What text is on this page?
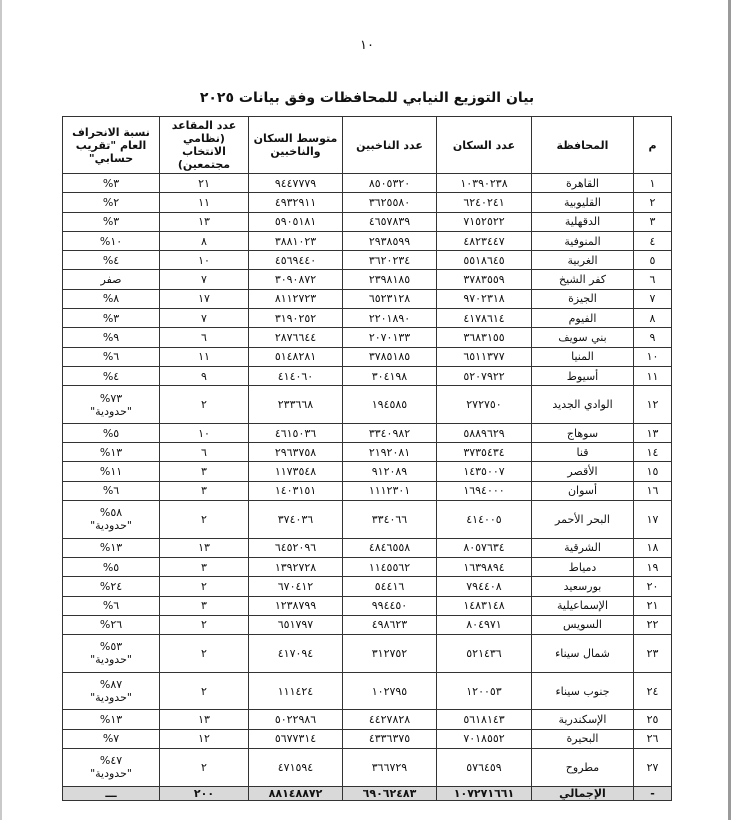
١٠
بيان التوزيع النيابي للمحافظات وفق بيانات ٢٠٢٥
م	المحافظة	عدد السكان	عدد الناخبين	متوسط السكان والناخبين	عدد المقاعد (نظامي الانتخاب مجتمعين)	نسبة الانحراف العام "تقريب حسابي"
١	القاهرة	١٠٣٩٠٢٣٨	٨٥٠٥٣٢٠	٩٤٤٧٧٧٩	٢١	٣%
٢	القليوبية	٦٢٤٠٢٤١	٣٦٢٥٥٨٠	٤٩٣٢٩١١	١١	٢%
٣	الدقهلية	٧١٥٢٥٢٢	٤٦٥٧٨٣٩	٥٩٠٥١٨١	١٣	٣%
٤	المنوفية	٤٨٢٣٤٤٧	٢٩٣٨٥٩٩	٣٨٨١٠٢٣	٨	١٠%
٥	الغربية	٥٥١٨٦٤٥	٣٦٢٠٢٣٤	٤٥٦٩٤٤٠	١٠	٤%
٦	كفر الشيخ	٣٧٨٣٥٥٩	٢٣٩٨١٨٥	٣٠٩٠٨٧٢	٧	صفر
٧	الجيزة	٩٧٠٢٣١٨	٦٥٢٣١٢٨	٨١١٢٧٢٣	١٧	٨%
٨	الفيوم	٤١٧٨٦١٤	٢٢٠١٨٩٠	٣١٩٠٢٥٢	٧	٣%
٩	بني سويف	٣٦٨٣١٥٥	٢٠٧٠١٣٣	٢٨٧٦٦٤٤	٦	٩%
١٠	المنيا	٦٥١١٣٧٧	٣٧٨٥١٨٥	٥١٤٨٢٨١	١١	٦%
١١	أسيوط	٥٢٠٧٩٢٢	٣٠٤١٩٨	٤١٤٠٦٠	٩	٤%
١٢	الوادي الجديد	٢٧٢٧٥٠	١٩٤٥٨٥	٢٣٣٦٦٨	٢	٧٣%
"حدودية"

١٣	سوهاج	٥٨٨٩٦٢٩	٣٣٤٠٩٨٢	٤٦١٥٠٣٦	١٠	٥%
١٤	قنا	٣٧٣٥٤٣٤	٢١٩٢٠٨١	٢٩٦٣٧٥٨	٦	١٣%
١٥	الأقصر	١٤٣٥٠٠٧	٩١٢٠٨٩	١١٧٣٥٤٨	٣	١١%
١٦	أسوان	١٦٩٤٠٠٠	١١١٢٣٠١	١٤٠٣١٥١	٣	٦%
١٧	البحر الأحمر	٤١٤٠٠٥	٣٣٤٠٦٦	٣٧٤٠٣٦	٢	٥٨%
"حدودية"

١٨	الشرقية	٨٠٥٧٦٣٤	٤٨٤٦٥٥٨	٦٤٥٢٠٩٦	١٣	١٣%
١٩	دمياط	١٦٣٩٨٩٤	١١٤٥٥٦٢	١٣٩٢٧٢٨	٣	٥%
٢٠	بورسعيد	٧٩٤٤٠٨	٥٤٤١٦	٦٧٠٤١٢	٢	٢٤%
٢١	الإسماعيلية	١٤٨٣١٤٨	٩٩٤٤٥٠	١٢٣٨٧٩٩	٣	٦%
٢٢	السويس	٨٠٤٩٧١	٤٩٨٦٢٣	٦٥١٧٩٧	٢	٢٦%
٢٣	شمال سيناء	٥٢١٤٣٦	٣١٢٧٥٢	٤١٧٠٩٤	٢	٥٣%
"حدودية"

٢٤	جنوب سيناء	١٢٠٠٥٣	١٠٢٧٩٥	١١١٤٢٤	٢	٨٧%
"حدودية"

٢٥	الإسكندرية	٥٦١٨١٤٣	٤٤٢٧٨٢٨	٥٠٢٢٩٨٦	١٣	١٣%
٢٦	البحيرة	٧٠١٨٥٥٢	٤٣٣٦٣٧٥	٥٦٧٧٣١٤	١٢	٧%
٢٧	مطروح	٥٧٦٤٥٩	٣٦٦٧٢٩	٤٧١٥٩٤	٢	٤٧%
"حدودية"

-	الإجمالي	١٠٧٢٧١٦٦١	٦٩٠٦٢٤٨٣	٨٨١٤٨٨٧٢	٢٠٠	ـــ
